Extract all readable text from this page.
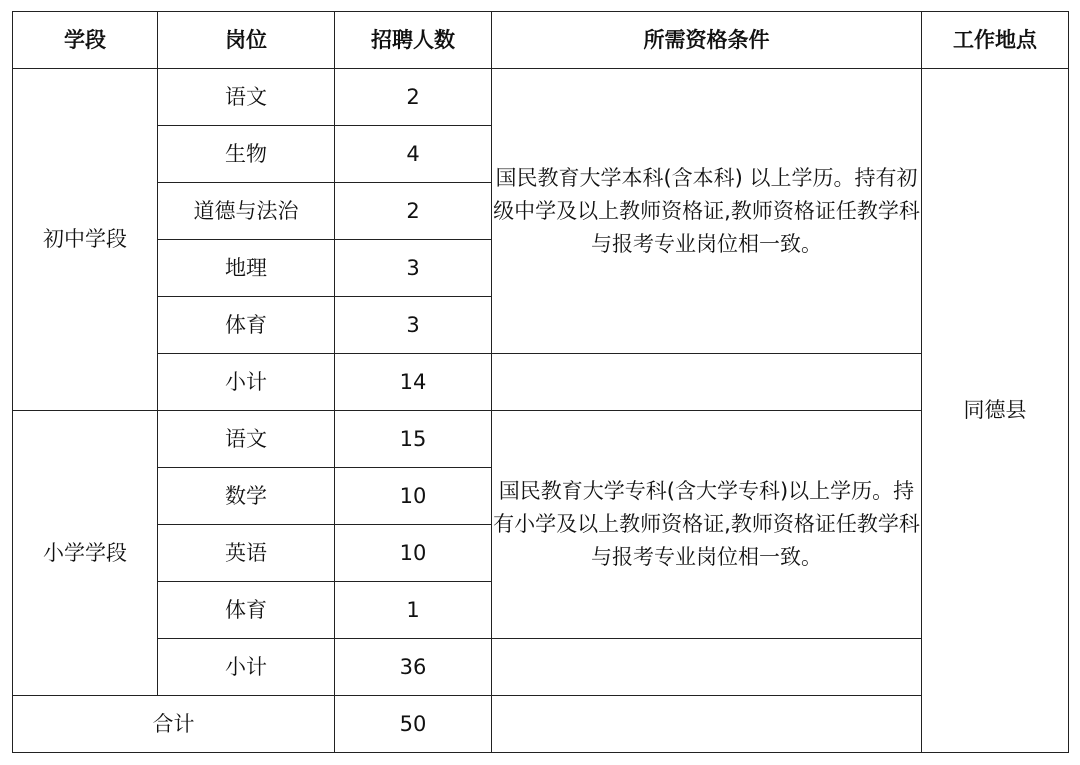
学段	岗位	招聘人数	所需资格条件	工作地点
初中学段	语文	2	国民教育大学本科(含本科) 以上学历。持有初级中学及以上教师资格证,教师资格证任教学科与报考专业岗位相一致。	同德县
	生物	4		
	道德与法治	2		
	地理	3		
	体育	3		
	小计	14		
小学学段	语文	15	国民教育大学专科(含大学专科)以上学历。持有小学及以上教师资格证,教师资格证任教学科与报考专业岗位相一致。	
	数学	10		
	英语	10		
	体育	1		
	小计	36		
合计		50		
